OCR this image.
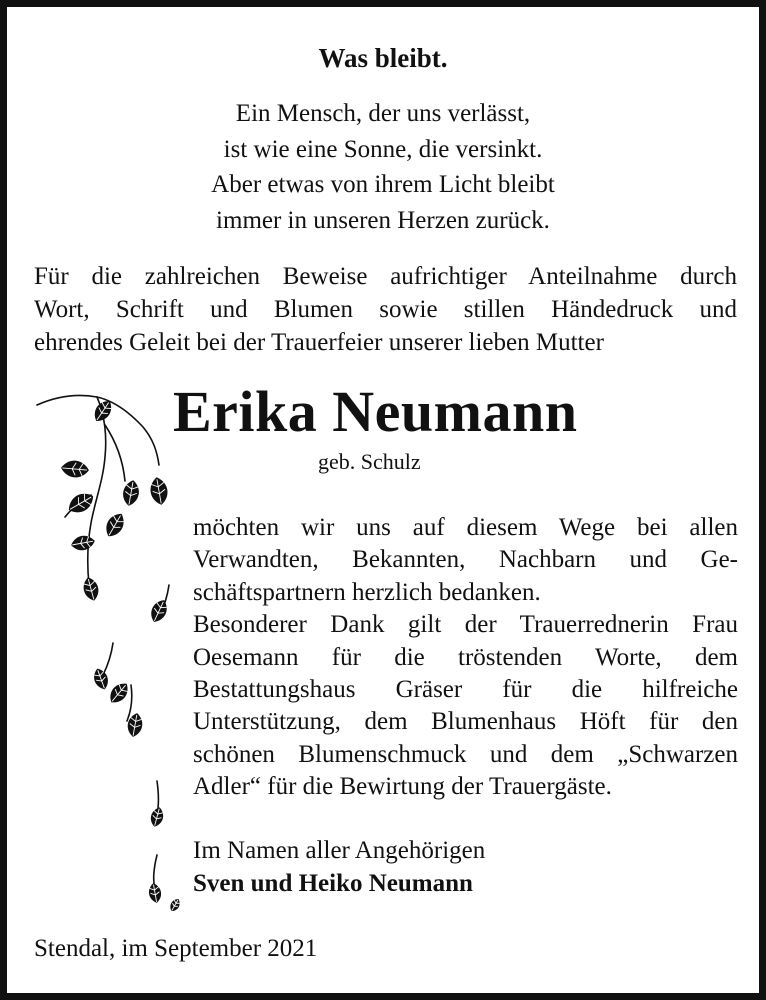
Was bleibt.
Ein Mensch, der uns verlässt,
ist wie eine Sonne, die versinkt.
Aber etwas von ihrem Licht bleibt
immer in unseren Herzen zurück.
Für die zahlreichen Beweise aufrichtiger Anteilnahme durch
Wort, Schrift und Blumen sowie stillen Händedruck und
ehrendes Geleit bei der Trauerfeier unserer lieben Mutter
Erika Neumann
geb. Schulz
möchten wir uns auf diesem Wege bei allen
Verwandten, Bekannten, Nachbarn und Ge-
schäftspartnern herzlich bedanken.
Besonderer Dank gilt der Trauerrednerin Frau
Oesemann für die tröstenden Worte, dem
Bestattungshaus Gräser für die hilfreiche
Unterstützung, dem Blumenhaus Höft für den
schönen Blumenschmuck und dem „Schwarzen
Adler“ für die Bewirtung der Trauergäste.
Im Namen aller Angehörigen
Sven und Heiko Neumann
Stendal, im September 2021
